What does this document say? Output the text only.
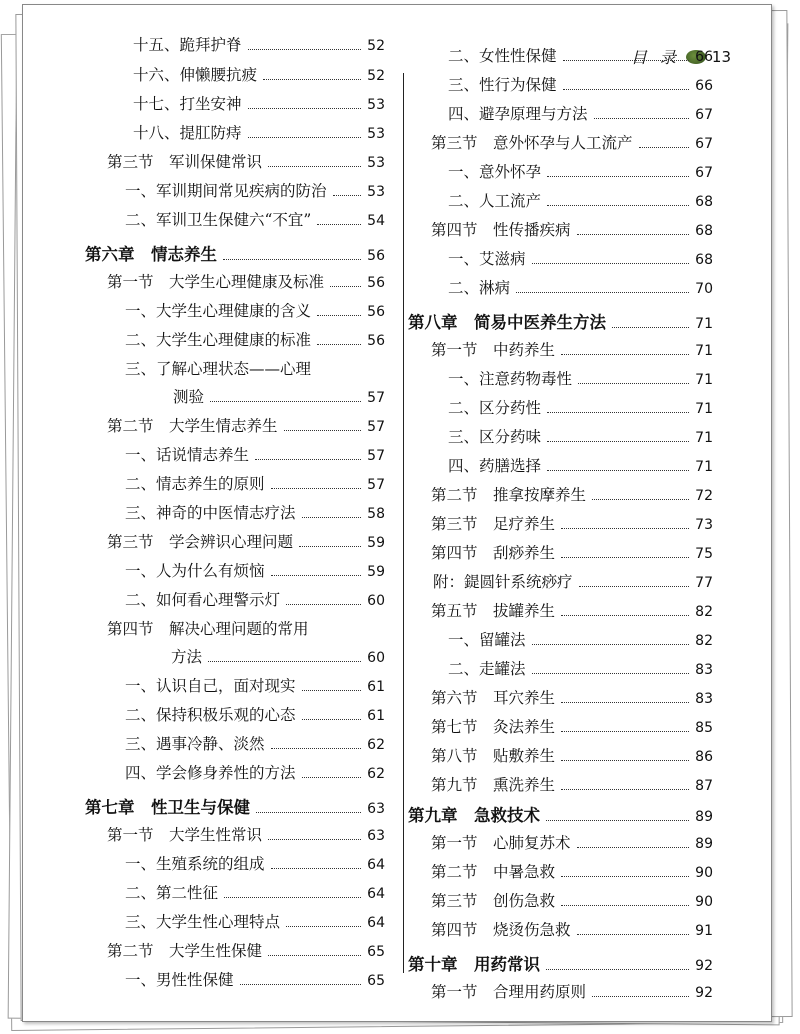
目 录 13
十五、跪拜护脊	52
十六、伸懒腰抗疲	52
十七、打坐安神	53
十八、提肛防痔	53
第三节　军训保健常识	53
一、军训期间常见疾病的防治	53
二、军训卫生保健六“不宜”	54
第六章　情志养生	56
第一节　大学生心理健康及标准	56
一、大学生心理健康的含义	56
二、大学生心理健康的标准	56
三、了解心理状态——心理
测验	57
第二节　大学生情志养生	57
一、话说情志养生	57
二、情志养生的原则	57
三、神奇的中医情志疗法	58
第三节　学会辨识心理问题	59
一、人为什么有烦恼	59
二、如何看心理警示灯	60
第四节　解决心理问题的常用
方法	60
一、认识自己，面对现实	61
二、保持积极乐观的心态	61
三、遇事冷静、淡然	62
四、学会修身养性的方法	62
第七章　性卫生与保健	63
第一节　大学生性常识	63
一、生殖系统的组成	64
二、第二性征	64
三、大学生性心理特点	64
第二节　大学生性保健	65
一、男性性保健	65
二、女性性保健	66
三、性行为保健	66
四、避孕原理与方法	67
第三节　意外怀孕与人工流产	67
一、意外怀孕	67
二、人工流产	68
第四节　性传播疾病	68
一、艾滋病	68
二、淋病	70
第八章　简易中医养生方法	71
第一节　中药养生	71
一、注意药物毒性	71
二、区分药性	71
三、区分药味	71
四、药膳选择	71
第二节　推拿按摩养生	72
第三节　足疗养生	73
第四节　刮痧养生	75
附：鍉圆针系统痧疗	77
第五节　拔罐养生	82
一、留罐法	82
二、走罐法	83
第六节　耳穴养生	83
第七节　灸法养生	85
第八节　贴敷养生	86
第九节　熏洗养生	87
第九章　急救技术	89
第一节　心肺复苏术	89
第二节　中暑急救	90
第三节　创伤急救	90
第四节　烧烫伤急救	91
第十章　用药常识	92
第一节　合理用药原则	92
